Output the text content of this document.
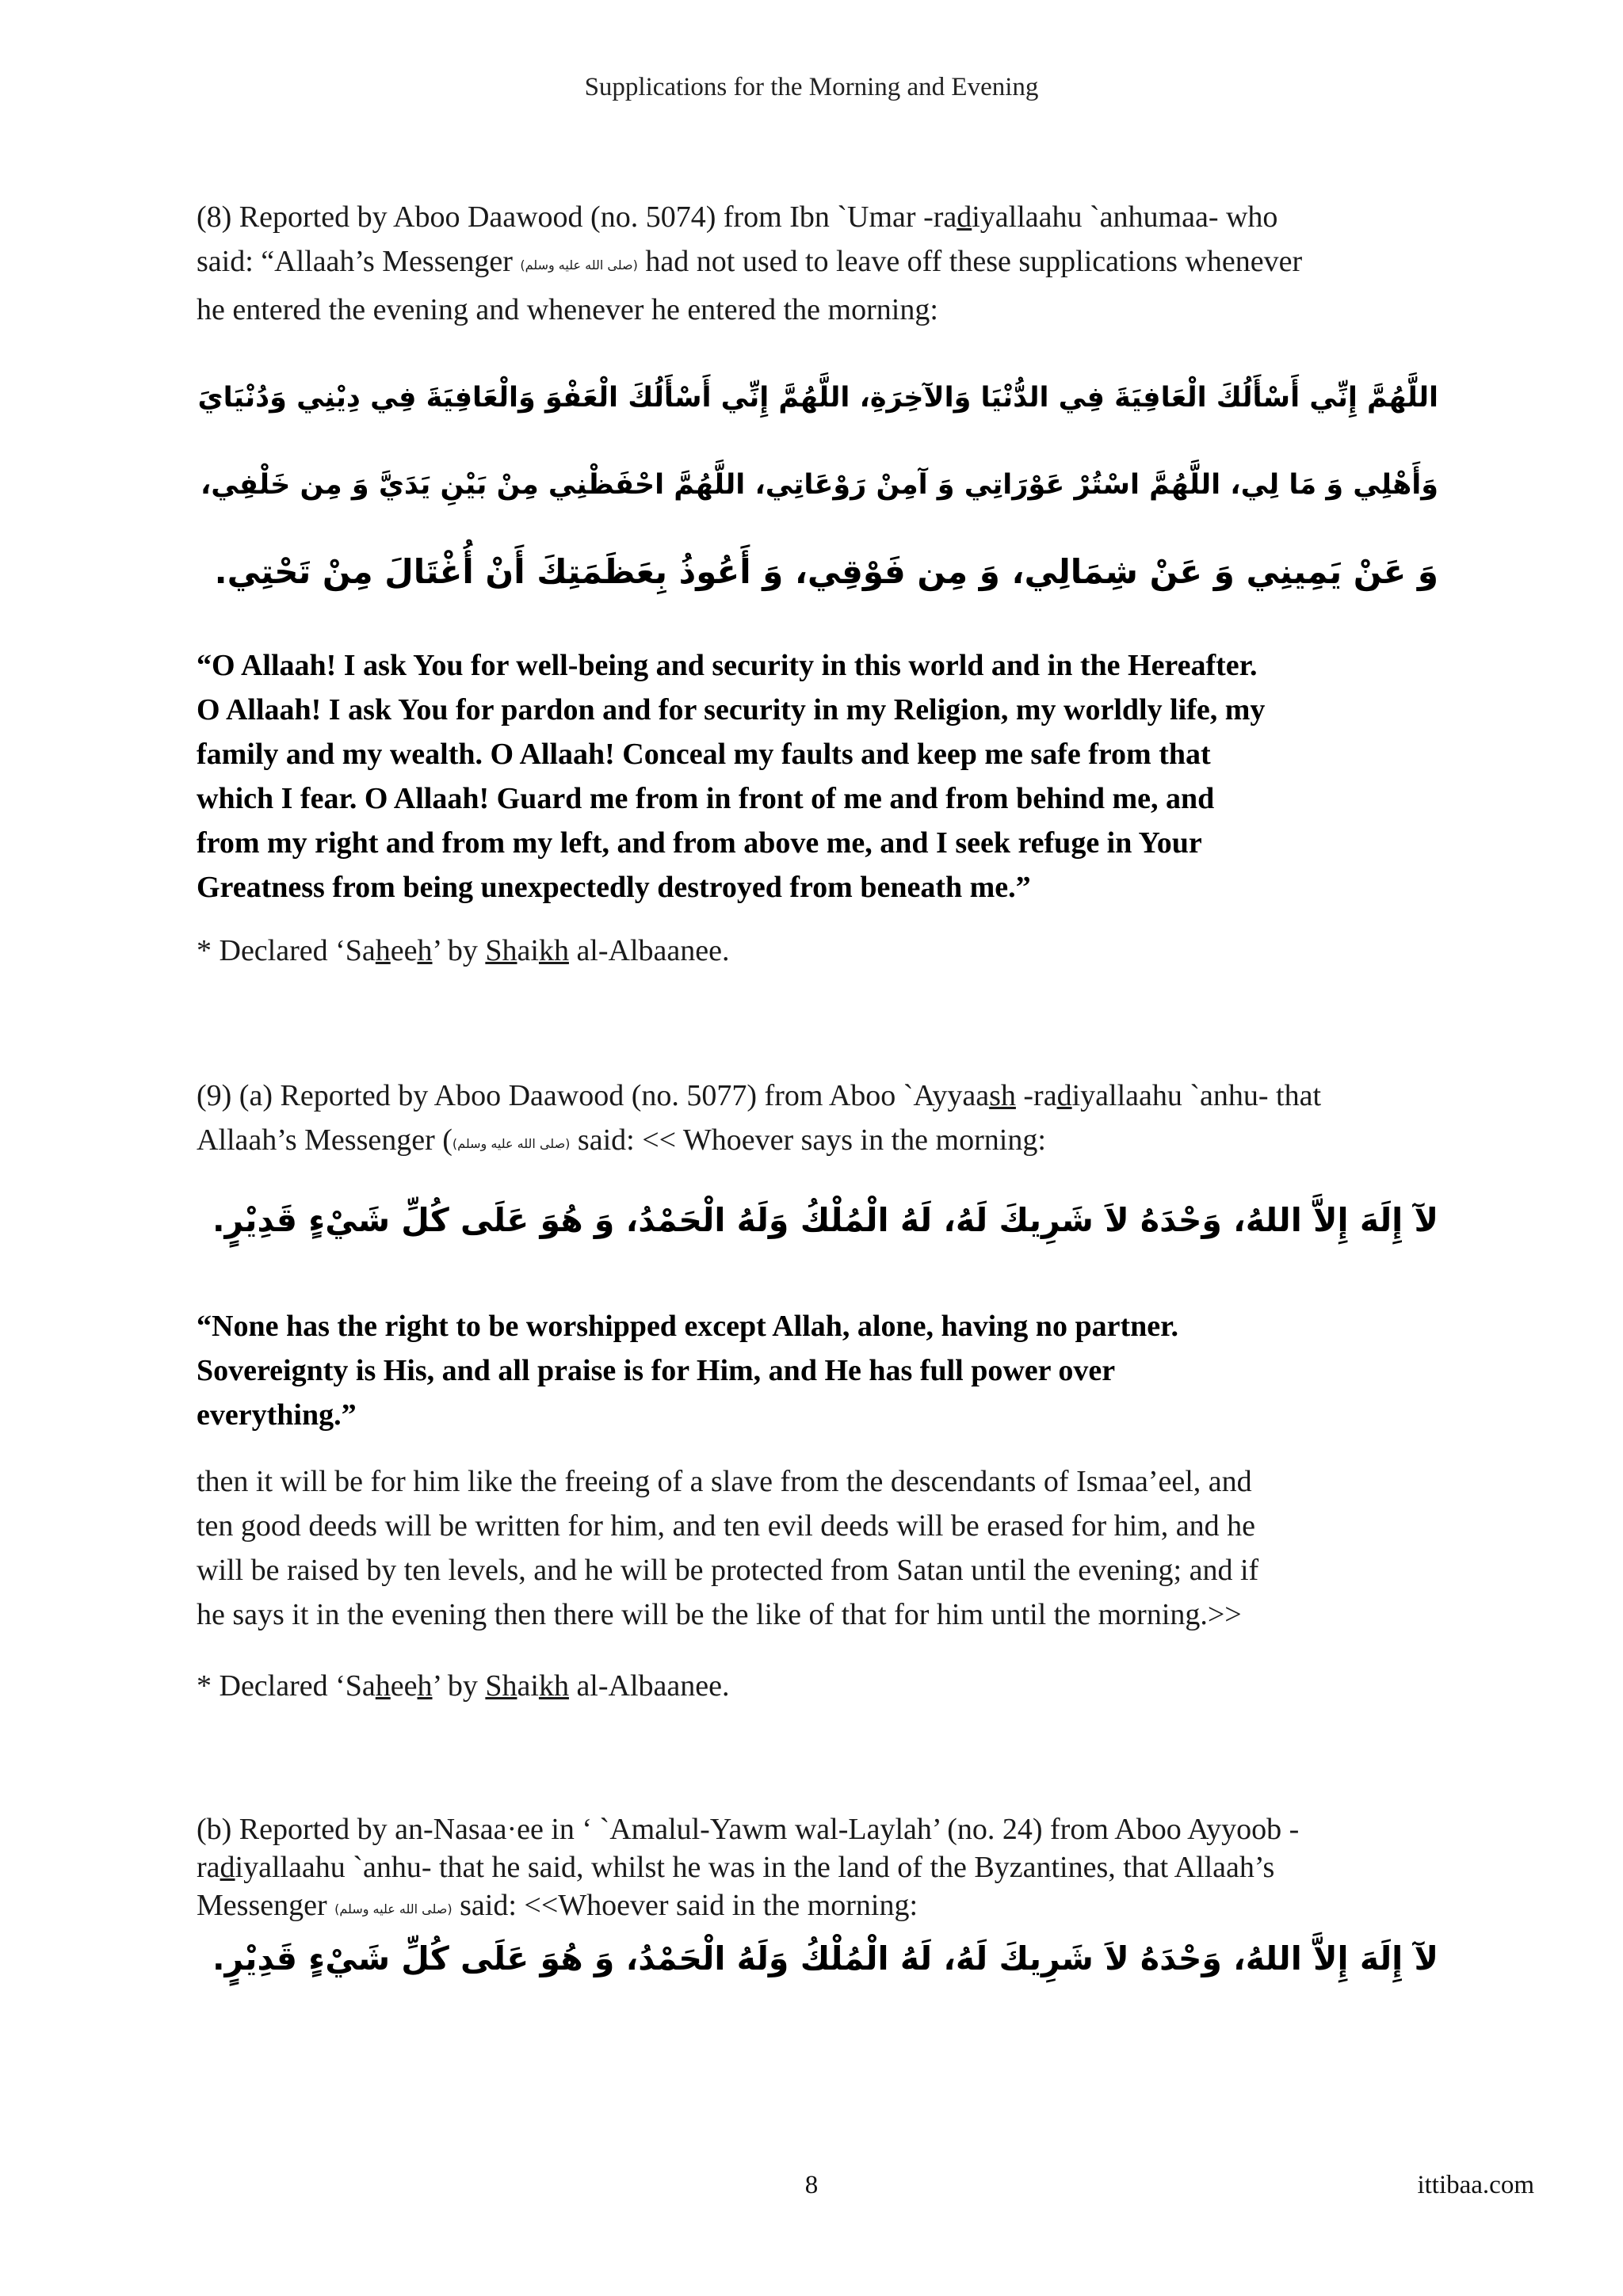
Supplications for the Morning and Evening
(8) Reported by Aboo Daawood (no. 5074) from Ibn `Umar -radiyallaahu `anhumaa- who
said: “Allaah’s Messenger (صلى الله عليه وسلم) had not used to leave off these supplications whenever
he entered the evening and whenever he entered the morning:
اللَّهُمَّ إِنِّي أَسْأَلُكَ الْعَافِيَةَ فِي الدُّنْيَا وَالآخِرَةِ، اللَّهُمَّ إِنِّي أَسْأَلُكَ الْعَفْوَ وَالْعَافِيَةَ فِي دِيْنِي وَدُنْيَايَ
وَأَهْلِي وَ مَا لِي، اللَّهُمَّ اسْتُرْ عَوْرَاتِي وَ آمِنْ رَوْعَاتِي، اللَّهُمَّ احْفَظْنِي مِنْ بَيْنِ يَدَيَّ وَ مِن خَلْفِي،
وَ عَنْ يَمِينِي وَ عَنْ شِمَالِي، وَ مِن فَوْقِي، وَ أَعُوذُ بِعَظَمَتِكَ أَنْ أُغْتَالَ مِنْ تَحْتِي.
“O Allaah! I ask You for well-being and security in this world and in the Hereafter.
O Allaah! I ask You for pardon and for security in my Religion, my worldly life, my
family and my wealth. O Allaah! Conceal my faults and keep me safe from that
which I fear. O Allaah! Guard me from in front of me and from behind me, and
from my right and from my left, and from above me, and I seek refuge in Your
Greatness from being unexpectedly destroyed from beneath me.”
* Declared ‘Saheeh’ by Shaikh al-Albaanee.
(9) (a) Reported by Aboo Daawood (no. 5077) from Aboo `Ayyaash -radiyallaahu `anhu- that
Allaah’s Messenger ((صلى الله عليه وسلم) said: << Whoever says in the morning:
لآ إِلَهَ إِلاَّ اللهُ، وَحْدَهُ لاَ شَرِيكَ لَهُ، لَهُ الْمُلْكُ وَلَهُ الْحَمْدُ، وَ هُوَ عَلَى كُلِّ شَيْءٍ قَدِيْرٍ.
“None has the right to be worshipped except Allah, alone, having no partner.
Sovereignty is His, and all praise is for Him, and He has full power over
everything.”
then it will be for him like the freeing of a slave from the descendants of Ismaa’eel, and
ten good deeds will be written for him, and ten evil deeds will be erased for him, and he
will be raised by ten levels, and he will be protected from Satan until the evening; and if
he says it in the evening then there will be the like of that for him until the morning.>>
* Declared ‘Saheeh’ by Shaikh al-Albaanee.
(b) Reported by an-Nasaa·ee in ‘ `Amalul-Yawm wal-Laylah’ (no. 24) from Aboo Ayyoob -
radiyallaahu `anhu- that he said, whilst he was in the land of the Byzantines, that Allaah’s
Messenger (صلى الله عليه وسلم) said: <<Whoever said in the morning:
لآ إِلَهَ إِلاَّ اللهُ، وَحْدَهُ لاَ شَرِيكَ لَهُ، لَهُ الْمُلْكُ وَلَهُ الْحَمْدُ، وَ هُوَ عَلَى كُلِّ شَيْءٍ قَدِيْرٍ.
8	ittibaa.com
